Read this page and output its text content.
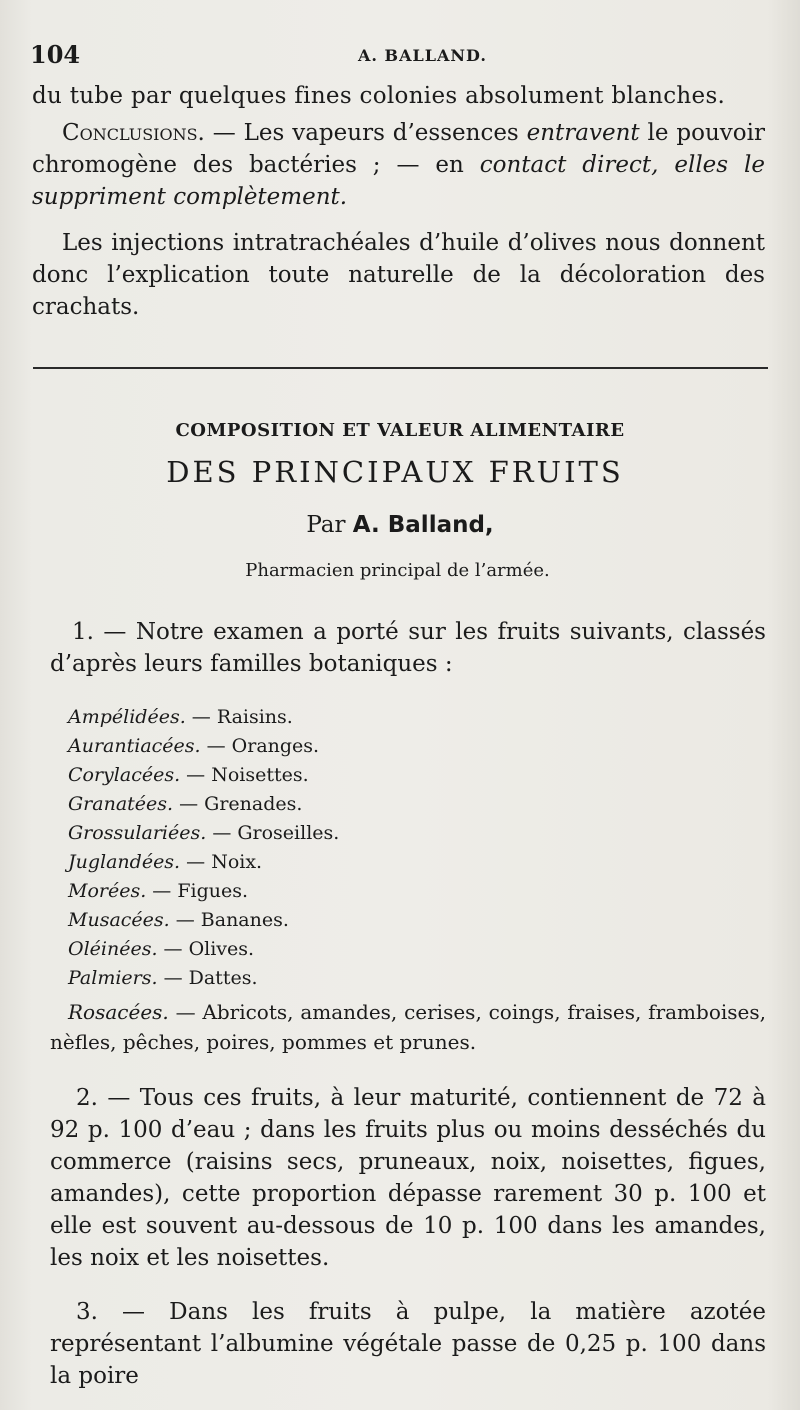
104	A. BALLAND.

du tube par quelques fines colonies absolument blanches.

Conclusions. — Les vapeurs d’essences entravent le pouvoir chromogène des bactéries ; — en contact direct, elles le suppriment complètement.

Les injections intratrachéales d’huile d’olives nous donnent donc l’explication toute naturelle de la décoloration des crachats.

COMPOSITION ET VALEUR ALIMENTAIRE
DES PRINCIPAUX FRUITS
Par A. Balland,
Pharmacien principal de l’armée.

1. — Notre examen a porté sur les fruits suivants, classés d’après leurs familles botaniques :

Ampélidées. — Raisins.
Aurantiacées. — Oranges.
Corylacées. — Noisettes.
Granatées. — Grenades.
Grossulariées. — Groseilles.
Juglandées. — Noix.
Morées. — Figues.
Musacées. — Bananes.
Oléinées. — Olives.
Palmiers. — Dattes.
Rosacées. — Abricots, amandes, cerises, coings, fraises, framboises, nèfles, pêches, poires, pommes et prunes.

2. — Tous ces fruits, à leur maturité, contiennent de 72 à 92 p. 100 d’eau ; dans les fruits plus ou moins desséchés du commerce (raisins secs, pruneaux, noix, noisettes, figues, amandes), cette proportion dépasse rarement 30 p. 100 et elle est souvent au-dessous de 10 p. 100 dans les amandes, les noix et les noisettes.

3. — Dans les fruits à pulpe, la matière azotée représentant l’albumine végétale passe de 0,25 p. 100 dans la poire
